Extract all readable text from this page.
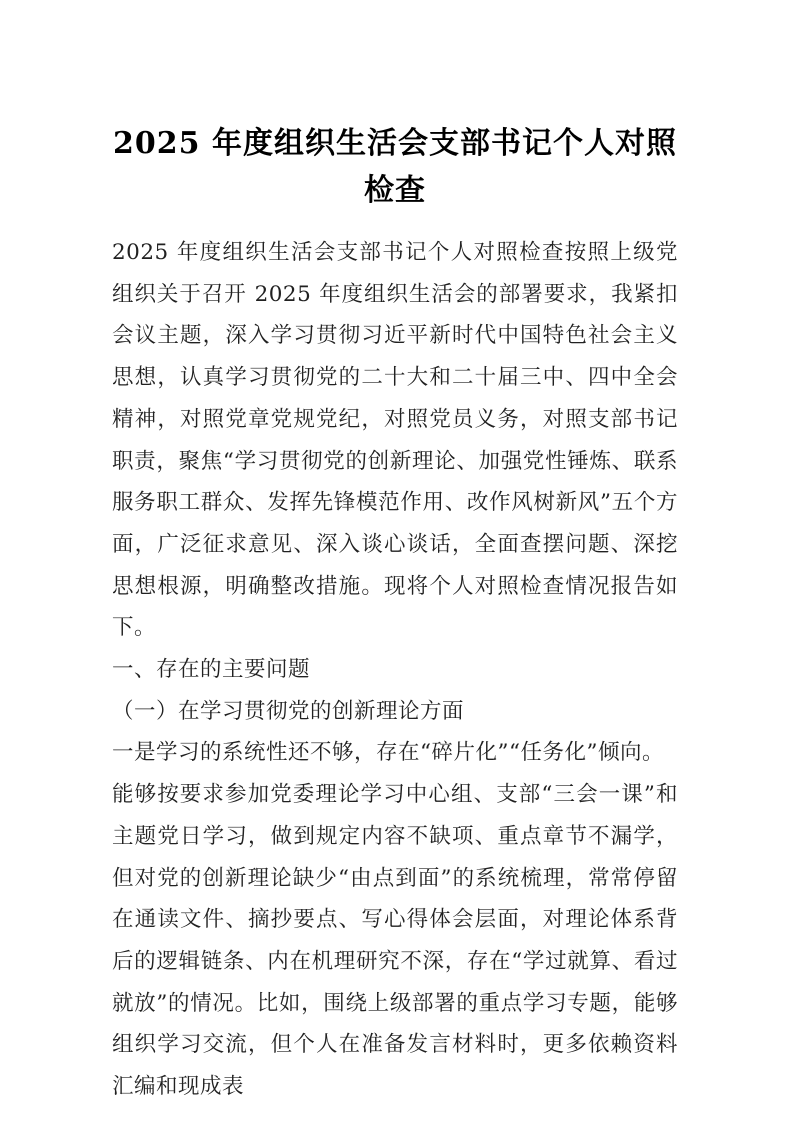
2025 年度组织生活会支部书记个人对照检查

2025 年度组织生活会支部书记个人对照检查按照上级党组织关于召开 2025 年度组织生活会的部署要求，我紧扣会议主题，深入学习贯彻习近平新时代中国特色社会主义思想，认真学习贯彻党的二十大和二十届三中、四中全会精神，对照党章党规党纪，对照党员义务，对照支部书记职责，聚焦“学习贯彻党的创新理论、加强党性锤炼、联系服务职工群众、发挥先锋模范作用、改作风树新风”五个方面，广泛征求意见、深入谈心谈话，全面查摆问题、深挖思想根源，明确整改措施。现将个人对照检查情况报告如下。

一、存在的主要问题

（一）在学习贯彻党的创新理论方面

一是学习的系统性还不够，存在“碎片化”“任务化”倾向。

能够按要求参加党委理论学习中心组、支部“三会一课”和主题党日学习，做到规定内容不缺项、重点章节不漏学，但对党的创新理论缺少“由点到面”的系统梳理，常常停留在通读文件、摘抄要点、写心得体会层面，对理论体系背后的逻辑链条、内在机理研究不深，存在“学过就算、看过就放”的情况。比如，围绕上级部署的重点学习专题，能够组织学习交流，但个人在准备发言材料时，更多依赖资料汇编和现成表
